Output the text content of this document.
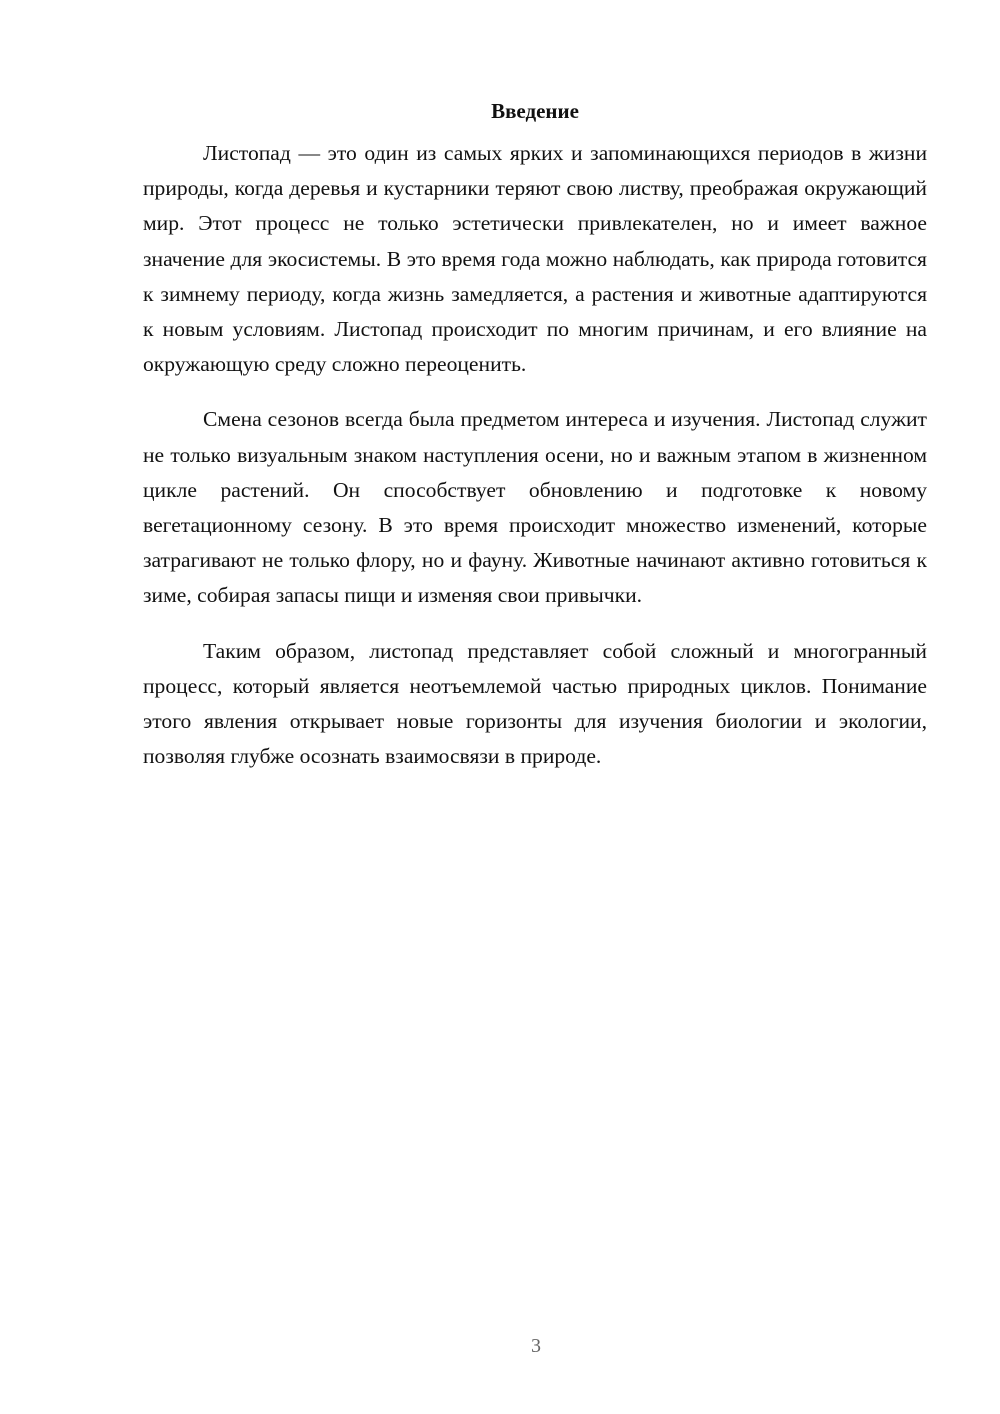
Введение

Листопад — это один из самых ярких и запоминающихся периодов в жизни природы, когда деревья и кустарники теряют свою листву, преображая окружающий мир. Этот процесс не только эстетически привлекателен, но и имеет важное значение для экосистемы. В это время года можно наблюдать, как природа готовится к зимнему периоду, когда жизнь замедляется, а растения и животные адаптируются к новым условиям. Листопад происходит по многим причинам, и его влияние на окружающую среду сложно переоценить.

Смена сезонов всегда была предметом интереса и изучения. Листопад служит не только визуальным знаком наступления осени, но и важным этапом в жизненном цикле растений. Он способствует обновлению и подготовке к новому вегетационному сезону. В это время происходит множество изменений, которые затрагивают не только флору, но и фауну. Животные начинают активно готовиться к зиме, собирая запасы пищи и изменяя свои привычки.

Таким образом, листопад представляет собой сложный и многогранный процесс, который является неотъемлемой частью природных циклов. Понимание этого явления открывает новые горизонты для изучения биологии и экологии, позволяя глубже осознать взаимосвязи в природе.

3
